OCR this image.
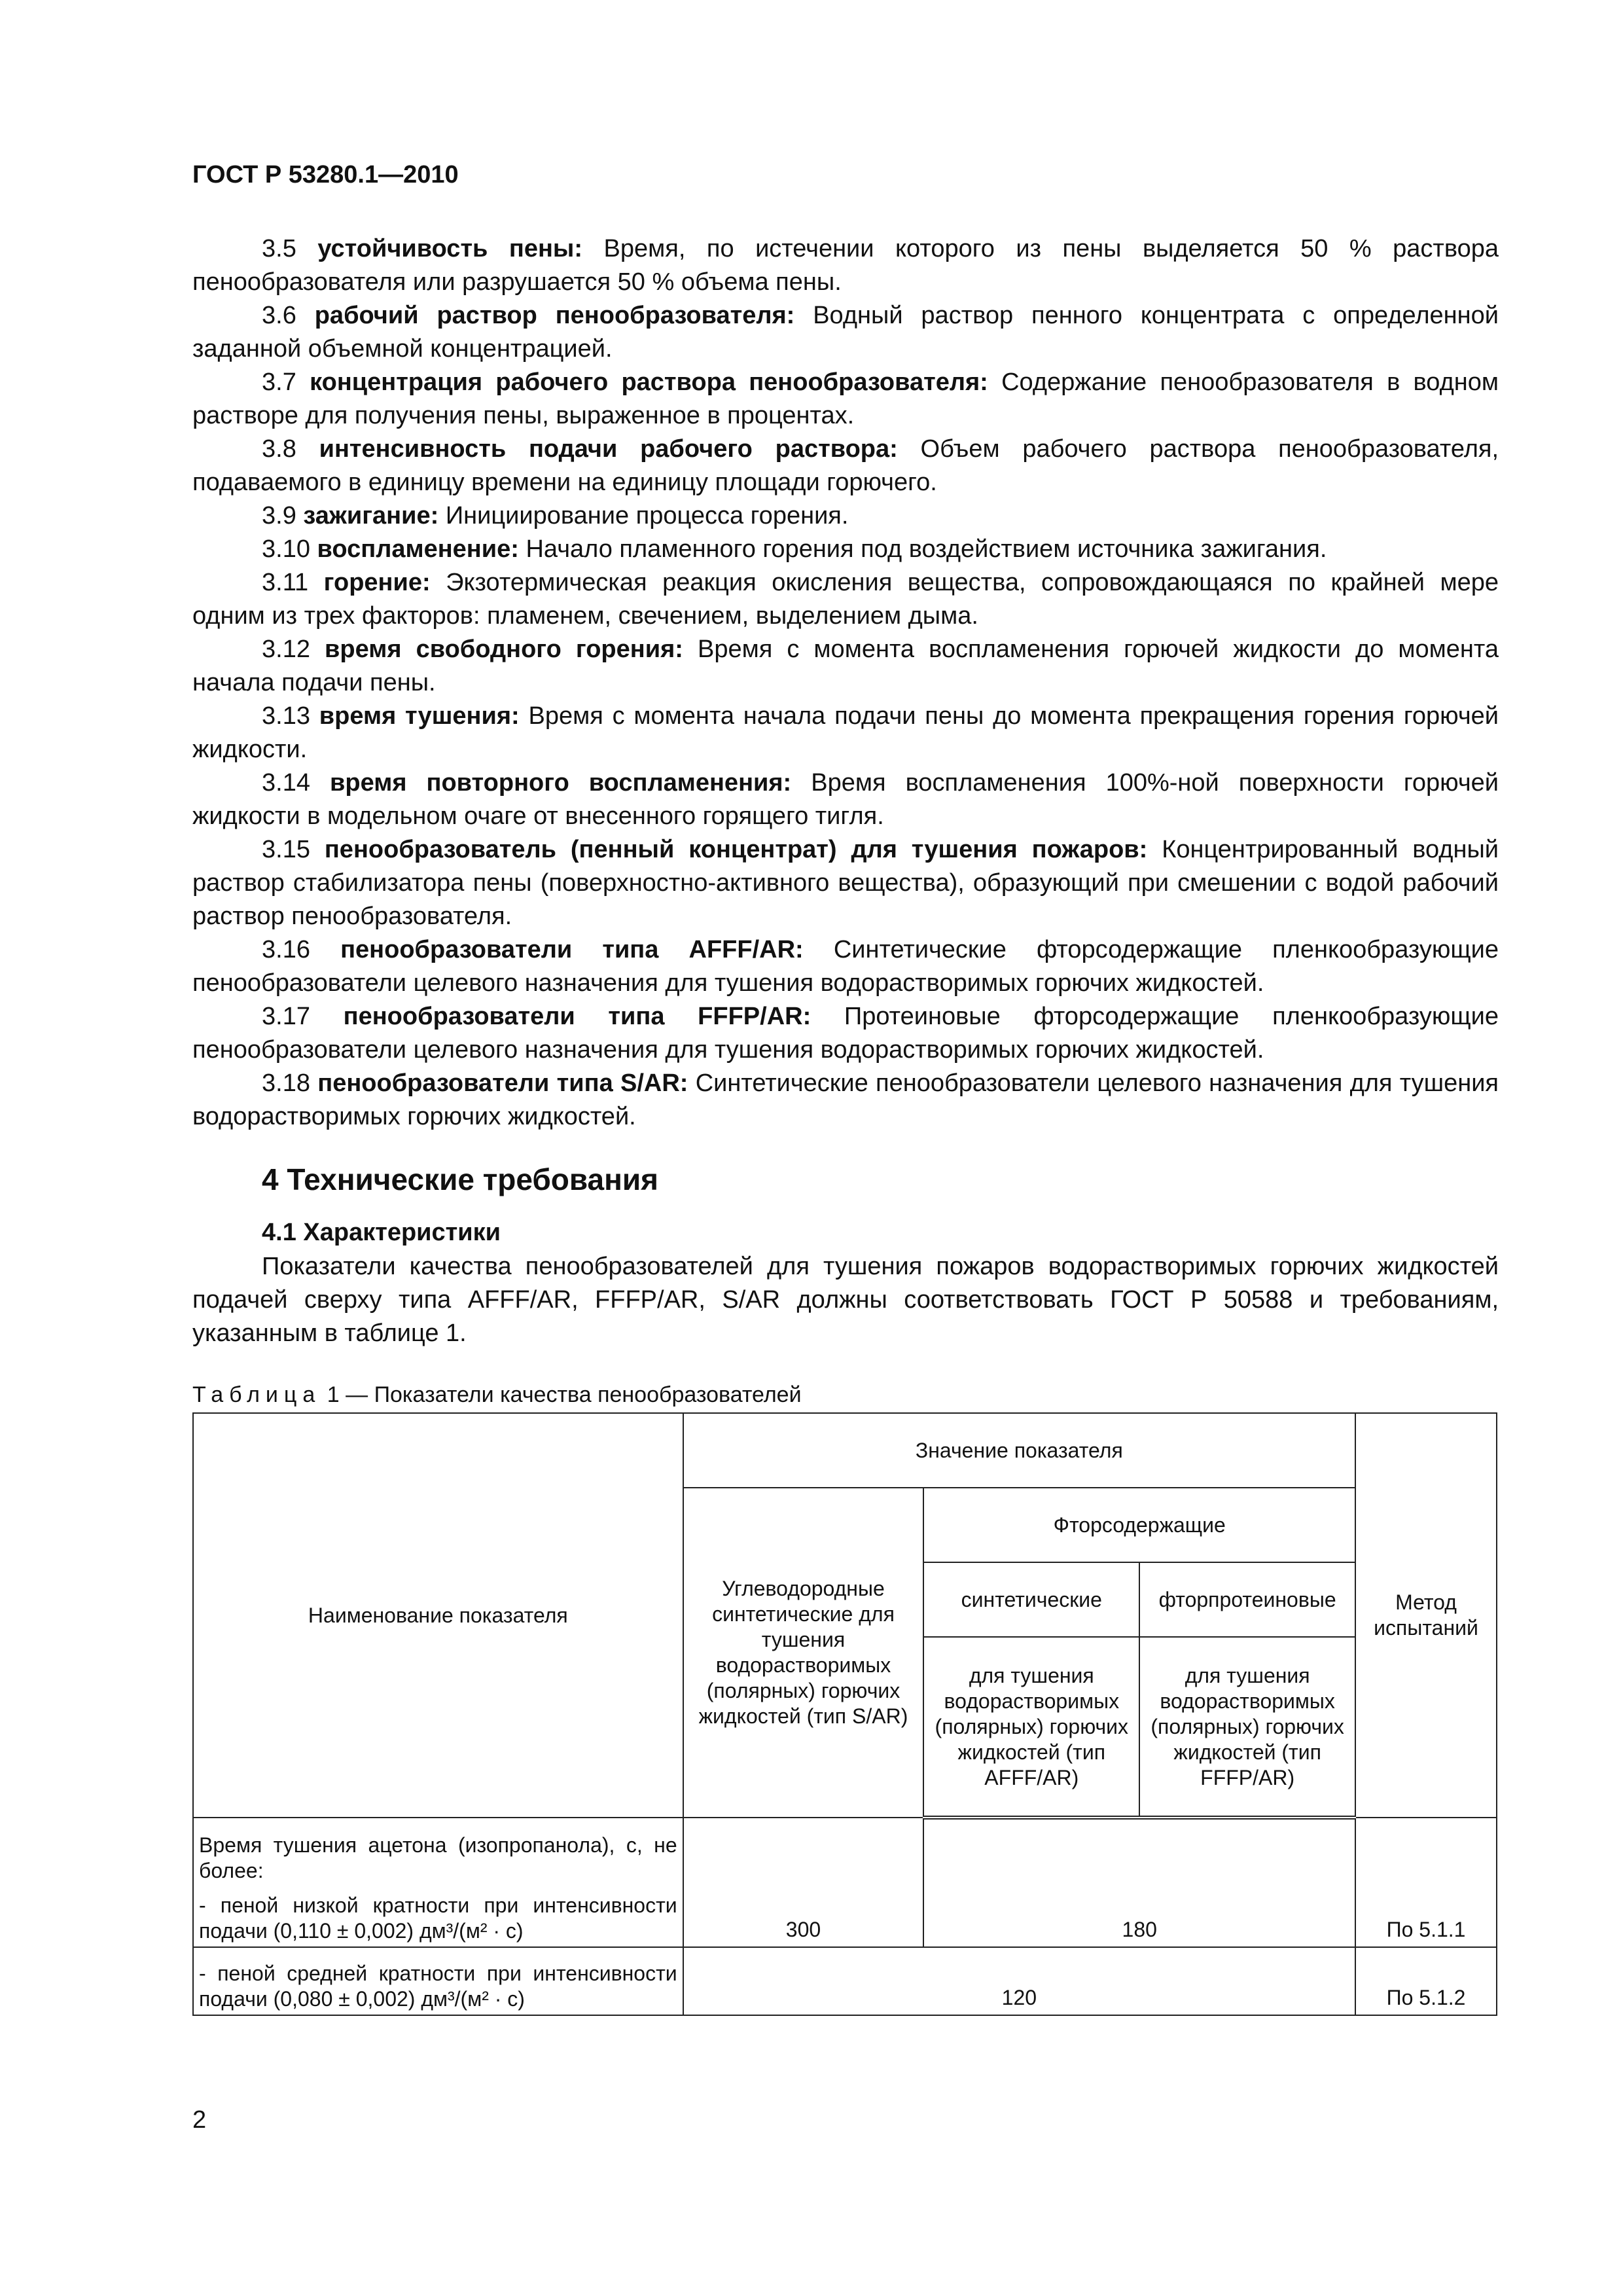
ГОСТ Р 53280.1—2010

3.5 устойчивость пены: Время, по истечении которого из пены выделяется 50 % раствора пенообразователя или разрушается 50 % объема пены.

3.6 рабочий раствор пенообразователя: Водный раствор пенного концентрата с определенной заданной объемной концентрацией.

3.7 концентрация рабочего раствора пенообразователя: Содержание пенообразователя в водном растворе для получения пены, выраженное в процентах.

3.8 интенсивность подачи рабочего раствора: Объем рабочего раствора пенообразователя, подаваемого в единицу времени на единицу площади горючего.

3.9 зажигание: Инициирование процесса горения.

3.10 воспламенение: Начало пламенного горения под воздействием источника зажигания.

3.11 горение: Экзотермическая реакция окисления вещества, сопровождающаяся по крайней мере одним из трех факторов: пламенем, свечением, выделением дыма.

3.12 время свободного горения: Время с момента воспламенения горючей жидкости до момента начала подачи пены.

3.13 время тушения: Время с момента начала подачи пены до момента прекращения горения горючей жидкости.

3.14 время повторного воспламенения: Время воспламенения 100%-ной поверхности горючей жидкости в модельном очаге от внесенного горящего тигля.

3.15 пенообразователь (пенный концентрат) для тушения пожаров: Концентрированный водный раствор стабилизатора пены (поверхностно-активного вещества), образующий при смешении с водой рабочий раствор пенообразователя.

3.16 пенообразователи типа AFFF/AR: Синтетические фторсодержащие пленкообразующие пенообразователи целевого назначения для тушения водорастворимых горючих жидкостей.

3.17 пенообразователи типа FFFP/AR: Протеиновые фторсодержащие пленкообразующие пенообразователи целевого назначения для тушения водорастворимых горючих жидкостей.

3.18 пенообразователи типа S/AR: Синтетические пенообразователи целевого назначения для тушения водорастворимых горючих жидкостей.

4 Технические требования
4.1 Характеристики

Показатели качества пенообразователей для тушения пожаров водорастворимых горючих жидкостей подачей сверху типа AFFF/AR, FFFP/AR, S/AR должны соответствовать ГОСТ Р 50588 и требованиям, указанным в таблице 1.

Таблица 1 — Показатели качества пенообразователей
Наименование показателя	Значение показателя			Метод испытаний
	Углеводородные синтетические для тушения водорастворимых (полярных) горючих жидкостей (тип S/AR)	Фторсодержащие		
		синтетические	фторпротеиновые	
		для тушения водорастворимых (полярных) горючих жидкостей (тип AFFF/AR)	для тушения водорастворимых (полярных) горючих жидкостей (тип FFFP/AR)	
Время тушения ацетона (изопропанола), с, не более:				
- пеной низкой кратности при интенсивности подачи (0,110 ± 0,002) дм³/(м² · с)	300	180		По 5.1.1
- пеной средней кратности при интенсивности подачи (0,080 ± 0,002) дм³/(м² · с)	120			По 5.1.2
2
